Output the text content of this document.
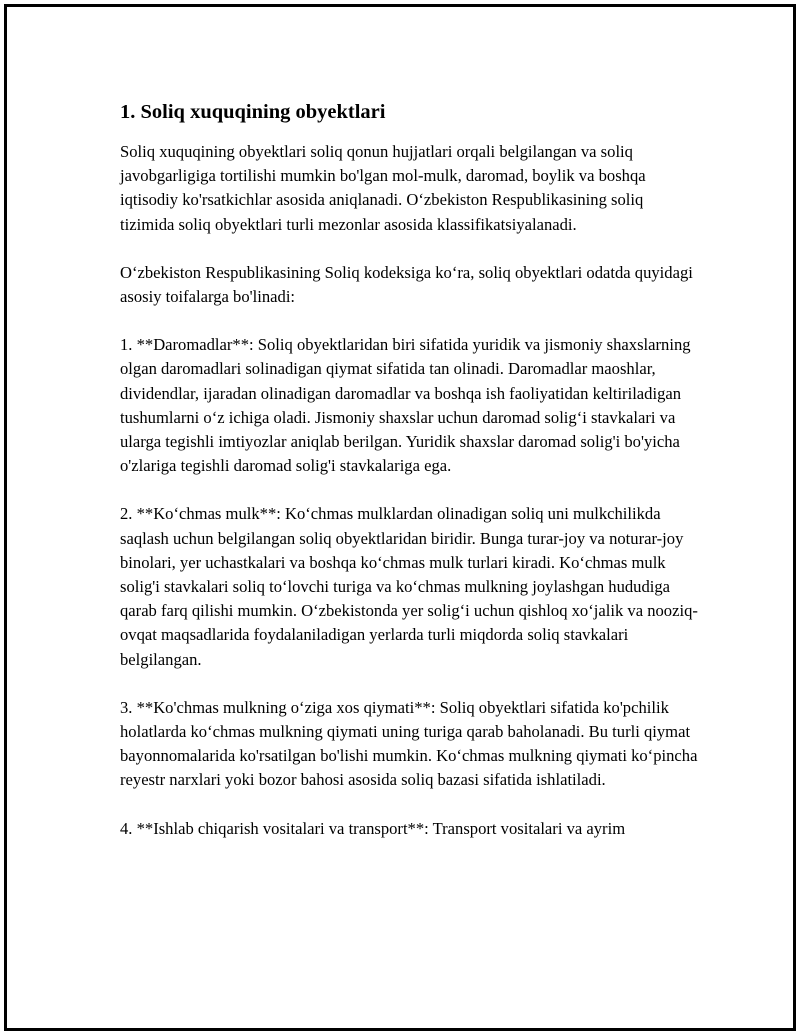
1. Soliq xuquqining obyektlari

Soliq xuquqining obyektlari soliq qonun hujjatlari orqali belgilangan va soliq javobgarligiga tortilishi mumkin bo'lgan mol-mulk, daromad, boylik va boshqa iqtisodiy ko'rsatkichlar asosida aniqlanadi. O‘zbekiston Respublikasining soliq tizimida soliq obyektlari turli mezonlar asosida klassifikatsiyalanadi.

O‘zbekiston Respublikasining Soliq kodeksiga ko‘ra, soliq obyektlari odatda quyidagi asosiy toifalarga bo'linadi:

1. **Daromadlar**: Soliq obyektlaridan biri sifatida yuridik va jismoniy shaxslarning olgan daromadlari solinadigan qiymat sifatida tan olinadi. Daromadlar maoshlar, dividendlar, ijaradan olinadigan daromadlar va boshqa ish faoliyatidan keltiriladigan tushumlarni o‘z ichiga oladi. Jismoniy shaxslar uchun daromad solig‘i stavkalari va ularga tegishli imtiyozlar aniqlab berilgan. Yuridik shaxslar daromad solig'i bo'yicha o'zlariga tegishli daromad solig'i stavkalariga ega.

2. **Ko‘chmas mulk**: Ko‘chmas mulklardan olinadigan soliq uni mulkchilikda saqlash uchun belgilangan soliq obyektlaridan biridir. Bunga turar-joy va noturar-joy binolari, yer uchastkalari va boshqa ko‘chmas mulk turlari kiradi. Ko‘chmas mulk solig'i stavkalari soliq to‘lovchi turiga va ko‘chmas mulkning joylashgan hududiga qarab farq qilishi mumkin. O‘zbekistonda yer solig‘i uchun qishloq xo‘jalik va nooziq-ovqat maqsadlarida foydalaniladigan yerlarda turli miqdorda soliq stavkalari belgilangan.

3. **Ko'chmas mulkning o‘ziga xos qiymati**: Soliq obyektlari sifatida ko'pchilik holatlarda ko‘chmas mulkning qiymati uning turiga qarab baholanadi. Bu turli qiymat bayonnomalarida ko'rsatilgan bo'lishi mumkin. Ko‘chmas mulkning qiymati ko‘pincha reyestr narxlari yoki bozor bahosi asosida soliq bazasi sifatida ishlatiladi.

4. **Ishlab chiqarish vositalari va transport**: Transport vositalari va ayrim
